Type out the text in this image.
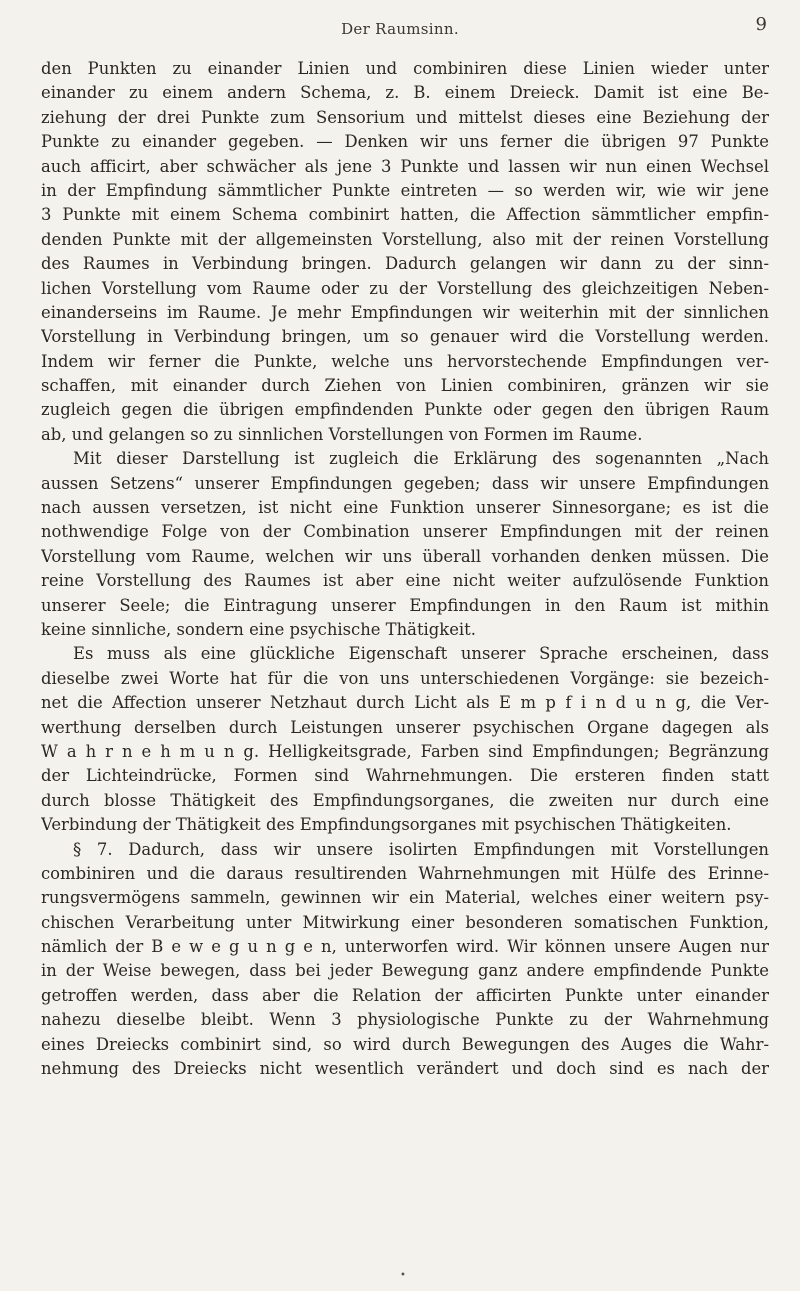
Der Raumsinn.	9
den Punkten zu einander Linien und combiniren diese Linien wieder unter
einander zu einem andern Schema, z. B. einem Dreieck. Damit ist eine Be-
ziehung der drei Punkte zum Sensorium und mittelst dieses eine Beziehung der
Punkte zu einander gegeben. — Denken wir uns ferner die übrigen 97 Punkte
auch afficirt, aber schwächer als jene 3 Punkte und lassen wir nun einen Wechsel
in der Empfindung sämmtlicher Punkte eintreten — so werden wir, wie wir jene
3 Punkte mit einem Schema combinirt hatten, die Affection sämmtlicher empfin-
denden Punkte mit der allgemeinsten Vorstellung, also mit der reinen Vorstellung
des Raumes in Verbindung bringen. Dadurch gelangen wir dann zu der sinn-
lichen Vorstellung vom Raume oder zu der Vorstellung des gleichzeitigen Neben-
einanderseins im Raume. Je mehr Empfindungen wir weiterhin mit der sinnlichen
Vorstellung in Verbindung bringen, um so genauer wird die Vorstellung werden.
Indem wir ferner die Punkte, welche uns hervorstechende Empfindungen ver-
schaffen, mit einander durch Ziehen von Linien combiniren, gränzen wir sie
zugleich gegen die übrigen empfindenden Punkte oder gegen den übrigen Raum
ab, und gelangen so zu sinnlichen Vorstellungen von Formen im Raume.
Mit dieser Darstellung ist zugleich die Erklärung des sogenannten „Nach
aussen Setzens“ unserer Empfindungen gegeben; dass wir unsere Empfindungen
nach aussen versetzen, ist nicht eine Funktion unserer Sinnesorgane; es ist die
nothwendige Folge von der Combination unserer Empfindungen mit der reinen
Vorstellung vom Raume, welchen wir uns überall vorhanden denken müssen. Die
reine Vorstellung des Raumes ist aber eine nicht weiter aufzulösende Funktion
unserer Seele; die Eintragung unserer Empfindungen in den Raum ist mithin
keine sinnliche, sondern eine psychische Thätigkeit.
Es muss als eine glückliche Eigenschaft unserer Sprache erscheinen, dass
dieselbe zwei Worte hat für die von uns unterschiedenen Vorgänge: sie bezeich-
net die Affection unserer Netzhaut durch Licht als E m p f i n d u n g, die Ver-
werthung derselben durch Leistungen unserer psychischen Organe dagegen als
W a h r n e h m u n g. Helligkeitsgrade, Farben sind Empfindungen; Begränzung
der Lichteindrücke, Formen sind Wahrnehmungen. Die ersteren finden statt
durch blosse Thätigkeit des Empfindungsorganes, die zweiten nur durch eine
Verbindung der Thätigkeit des Empfindungsorganes mit psychischen Thätigkeiten.
§ 7. Dadurch, dass wir unsere isolirten Empfindungen mit Vorstellungen
combiniren und die daraus resultirenden Wahrnehmungen mit Hülfe des Erinne-
rungsvermögens sammeln, gewinnen wir ein Material, welches einer weitern psy-
chischen Verarbeitung unter Mitwirkung einer besonderen somatischen Funktion,
nämlich der B e w e g u n g e n, unterworfen wird. Wir können unsere Augen nur
in der Weise bewegen, dass bei jeder Bewegung ganz andere empfindende Punkte
getroffen werden, dass aber die Relation der afficirten Punkte unter einander
nahezu dieselbe bleibt. Wenn 3 physiologische Punkte zu der Wahrnehmung
eines Dreiecks combinirt sind, so wird durch Bewegungen des Auges die Wahr-
nehmung des Dreiecks nicht wesentlich verändert und doch sind es nach der
•
